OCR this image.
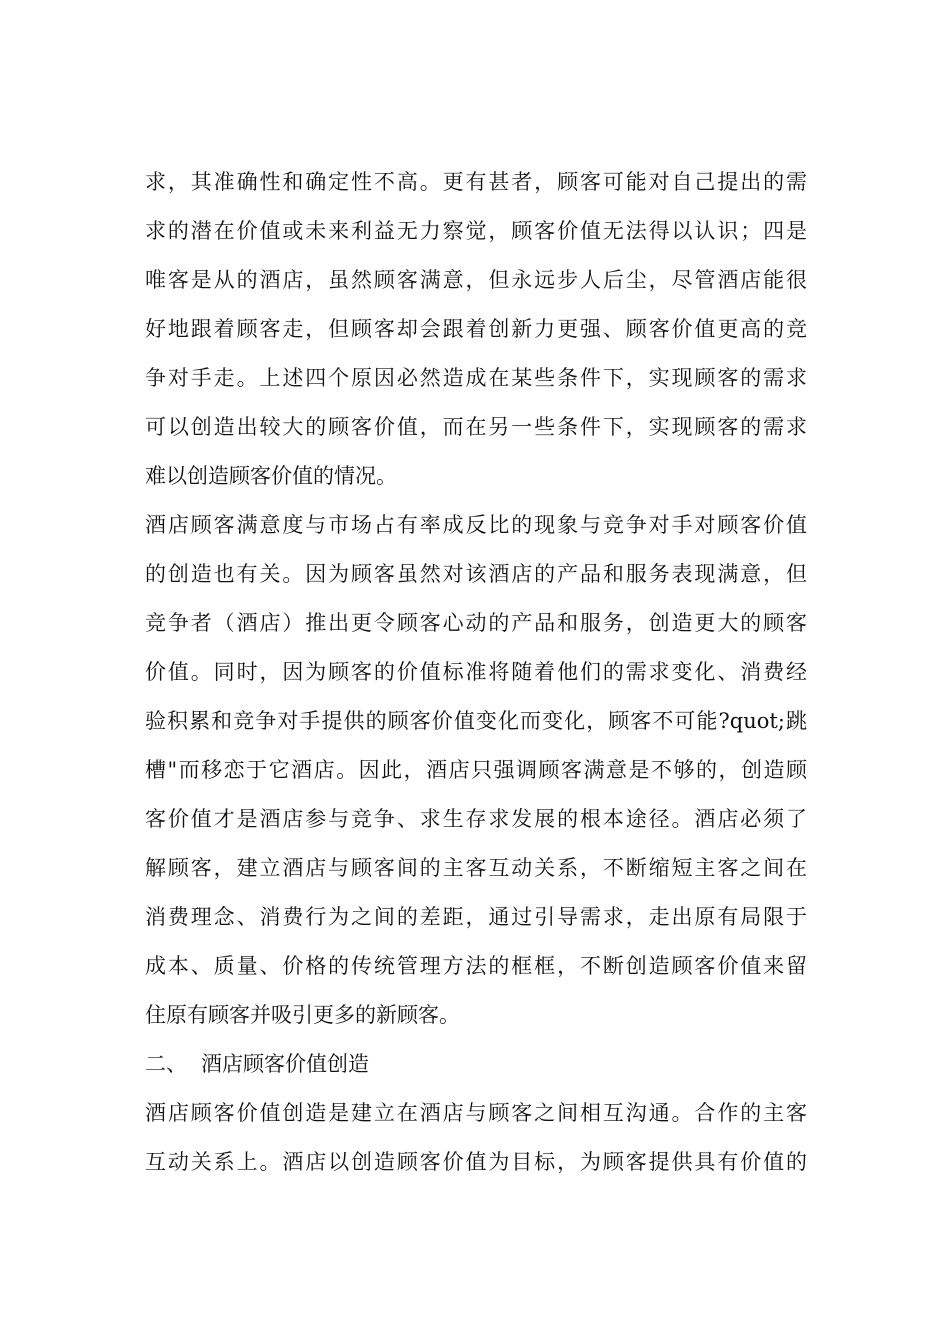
求，其准确性和确定性不高。更有甚者，顾客可能对自己提出的需
求的潜在价值或未来利益无力察觉，顾客价值无法得以认识；四是
唯客是从的酒店，虽然顾客满意，但永远步人后尘，尽管酒店能很
好地跟着顾客走，但顾客却会跟着创新力更强、顾客价值更高的竞
争对手走。上述四个原因必然造成在某些条件下，实现顾客的需求
可以创造出较大的顾客价值，而在另一些条件下，实现顾客的需求
难以创造顾客价值的情况。
酒店顾客满意度与市场占有率成反比的现象与竞争对手对顾客价值
的创造也有关。因为顾客虽然对该酒店的产品和服务表现满意，但
竞争者（酒店）推出更令顾客心动的产品和服务，创造更大的顾客
价值。同时，因为顾客的价值标准将随着他们的需求变化、消费经
验积累和竞争对手提供的顾客价值变化而变化，顾客不可能?quot;跳
槽"而移恋于它酒店。因此，酒店只强调顾客满意是不够的，创造顾
客价值才是酒店参与竞争、求生存求发展的根本途径。酒店必须了
解顾客，建立酒店与顾客间的主客互动关系，不断缩短主客之间在
消费理念、消费行为之间的差距，通过引导需求，走出原有局限于
成本、质量、价格的传统管理方法的框框，不断创造顾客价值来留
住原有顾客并吸引更多的新顾客。
二、 酒店顾客价值创造
酒店顾客价值创造是建立在酒店与顾客之间相互沟通。合作的主客
互动关系上。酒店以创造顾客价值为目标，为顾客提供具有价值的
